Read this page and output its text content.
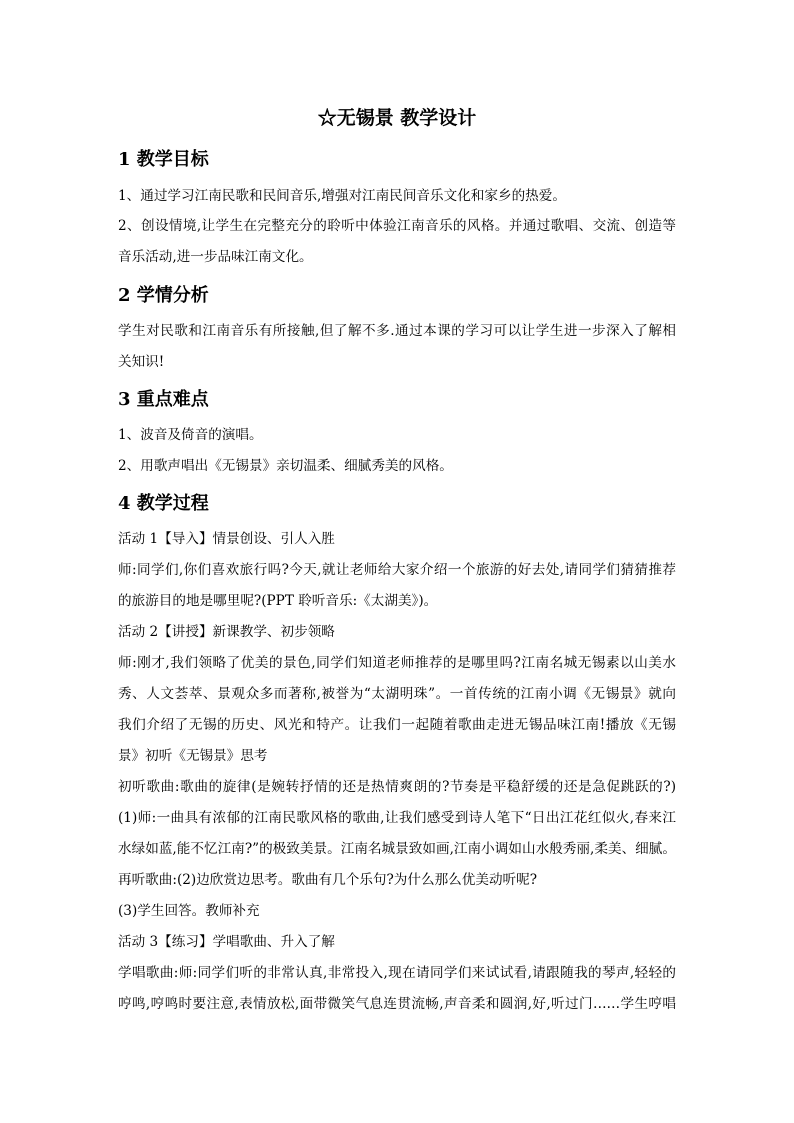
☆无锡景 教学设计
1 教学目标
1、通过学习江南民歌和民间音乐,增强对江南民间音乐文化和家乡的热爱。
2、创设情境,让学生在完整充分的聆听中体验江南音乐的风格。并通过歌唱、交流、创造等
音乐活动,进一步品味江南文化。
2 学情分析
学生对民歌和江南音乐有所接触,但了解不多.通过本课的学习可以让学生进一步深入了解相
关知识!
3 重点难点
1、波音及倚音的演唱。
2、用歌声唱出《无锡景》亲切温柔、细腻秀美的风格。
4 教学过程
活动 1【导入】情景创设、引人入胜
师:同学们,你们喜欢旅行吗?今天,就让老师给大家介绍一个旅游的好去处,请同学们猜猜推荐
的旅游目的地是哪里呢?(PPT 聆听音乐:《太湖美》)。
活动 2【讲授】新课教学、初步领略
师:刚才,我们领略了优美的景色,同学们知道老师推荐的是哪里吗?江南名城无锡素以山美水
秀、人文荟萃、景观众多而著称,被誉为“太湖明珠”。一首传统的江南小调《无锡景》就向
我们介绍了无锡的历史、风光和特产。让我们一起随着歌曲走进无锡品味江南!播放《无锡
景》初听《无锡景》思考
初听歌曲:歌曲的旋律(是婉转抒情的还是热情爽朗的?节奏是平稳舒缓的还是急促跳跃的?)
(1)师:一曲具有浓郁的江南民歌风格的歌曲,让我们感受到诗人笔下“日出江花红似火,春来江
水绿如蓝,能不忆江南?”的极致美景。江南名城景致如画,江南小调如山水般秀丽,柔美、细腻。
再听歌曲:(2)边欣赏边思考。歌曲有几个乐句?为什么那么优美动听呢?
(3)学生回答。教师补充
活动 3【练习】学唱歌曲、升入了解
学唱歌曲:师:同学们听的非常认真,非常投入,现在请同学们来试试看,请跟随我的琴声,轻轻的
哼鸣,哼鸣时要注意,表情放松,面带微笑气息连贯流畅,声音柔和圆润,好,听过门……学生哼唱
